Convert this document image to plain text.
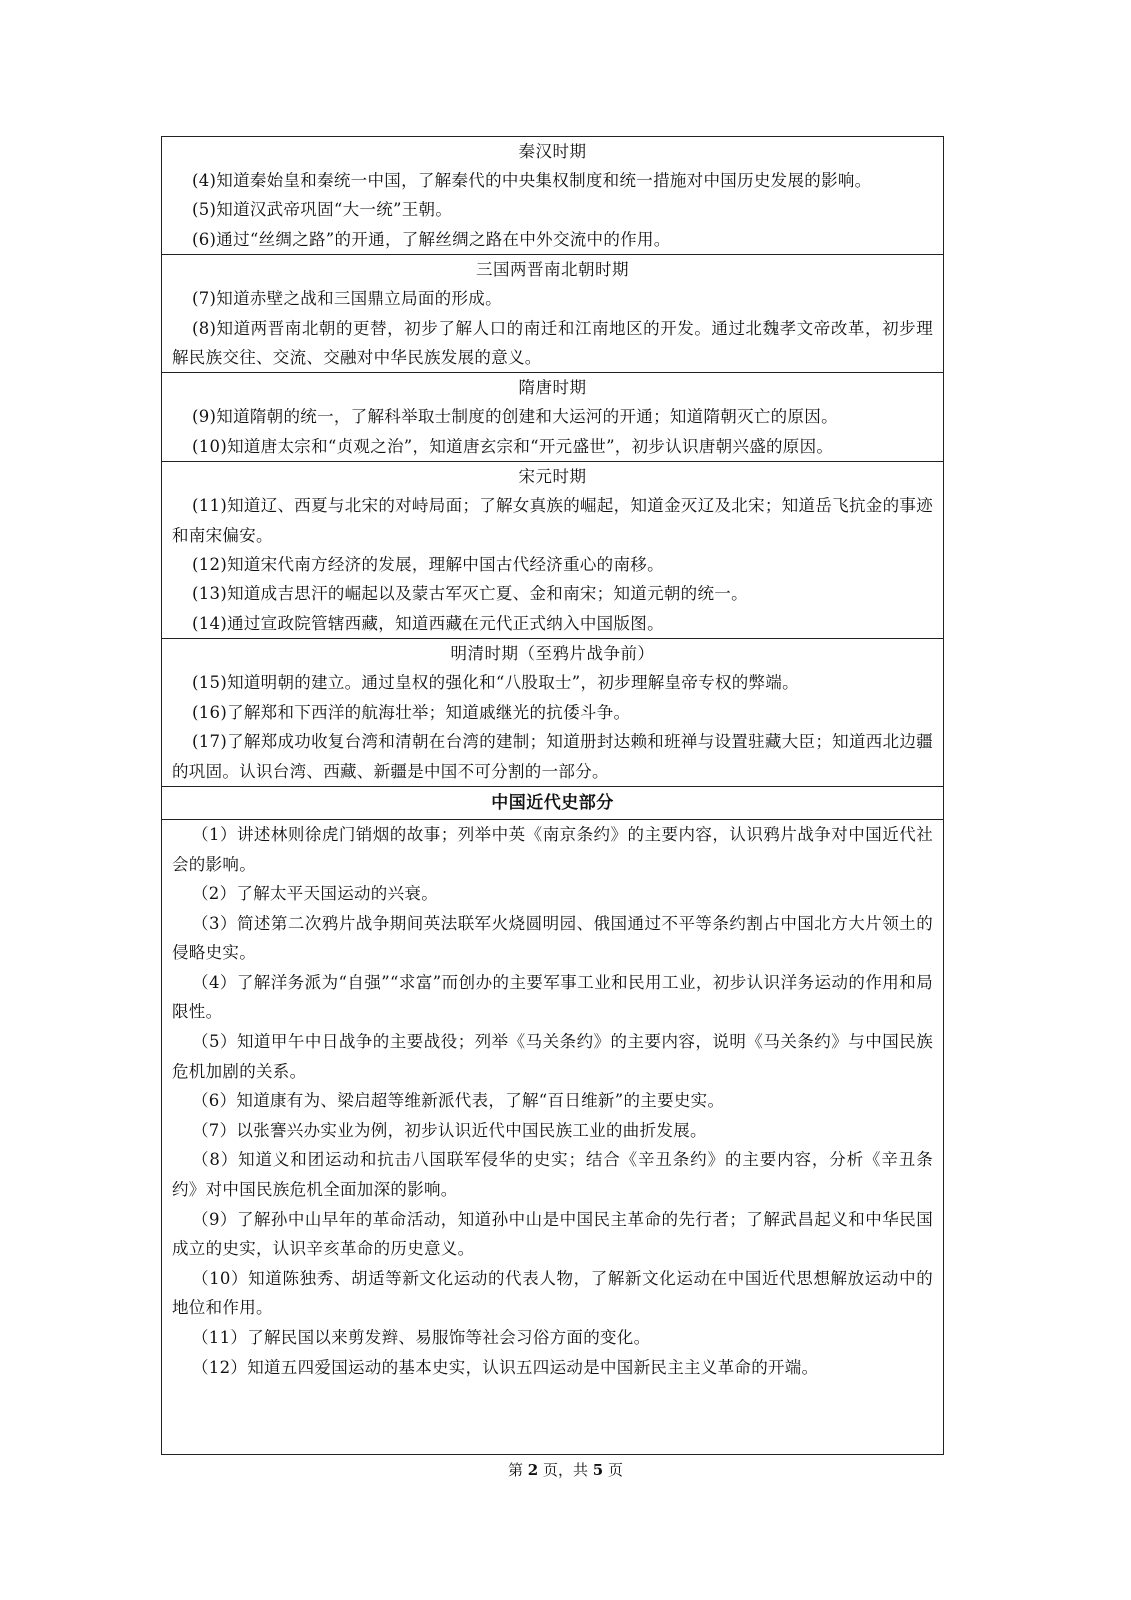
秦汉时期
(4)知道秦始皇和秦统一中国，了解秦代的中央集权制度和统一措施对中国历史发展的影响。
(5)知道汉武帝巩固“大一统”王朝。
(6)通过“丝绸之路”的开通，了解丝绸之路在中外交流中的作用。
三国两晋南北朝时期
(7)知道赤壁之战和三国鼎立局面的形成。
(8)知道两晋南北朝的更替，初步了解人口的南迁和江南地区的开发。通过北魏孝文帝改革，初步理解民族交往、交流、交融对中华民族发展的意义。
隋唐时期
(9)知道隋朝的统一，了解科举取士制度的创建和大运河的开通；知道隋朝灭亡的原因。
(10)知道唐太宗和“贞观之治”，知道唐玄宗和“开元盛世”，初步认识唐朝兴盛的原因。
宋元时期
(11)知道辽、西夏与北宋的对峙局面；了解女真族的崛起，知道金灭辽及北宋；知道岳飞抗金的事迹和南宋偏安。
(12)知道宋代南方经济的发展，理解中国古代经济重心的南移。
(13)知道成吉思汗的崛起以及蒙古军灭亡夏、金和南宋；知道元朝的统一。
(14)通过宣政院管辖西藏，知道西藏在元代正式纳入中国版图。
明清时期（至鸦片战争前）
(15)知道明朝的建立。通过皇权的强化和“八股取士”，初步理解皇帝专权的弊端。
(16)了解郑和下西洋的航海壮举；知道戚继光的抗倭斗争。
(17)了解郑成功收复台湾和清朝在台湾的建制；知道册封达赖和班禅与设置驻藏大臣；知道西北边疆的巩固。认识台湾、西藏、新疆是中国不可分割的一部分。
中国近代史部分
（1）讲述林则徐虎门销烟的故事；列举中英《南京条约》的主要内容，认识鸦片战争对中国近代社会的影响。
（2）了解太平天国运动的兴衰。
（3）简述第二次鸦片战争期间英法联军火烧圆明园、俄国通过不平等条约割占中国北方大片领土的侵略史实。
（4）了解洋务派为“自强”“求富”而创办的主要军事工业和民用工业，初步认识洋务运动的作用和局限性。
（5）知道甲午中日战争的主要战役；列举《马关条约》的主要内容，说明《马关条约》与中国民族危机加剧的关系。
（6）知道康有为、梁启超等维新派代表，了解“百日维新”的主要史实。
（7）以张謇兴办实业为例，初步认识近代中国民族工业的曲折发展。
（8）知道义和团运动和抗击八国联军侵华的史实；结合《辛丑条约》的主要内容，分析《辛丑条约》对中国民族危机全面加深的影响。
（9）了解孙中山早年的革命活动，知道孙中山是中国民主革命的先行者；了解武昌起义和中华民国成立的史实，认识辛亥革命的历史意义。
（10）知道陈独秀、胡适等新文化运动的代表人物，了解新文化运动在中国近代思想解放运动中的地位和作用。
（11）了解民国以来剪发辫、易服饰等社会习俗方面的变化。
（12）知道五四爱国运动的基本史实，认识五四运动是中国新民主主义革命的开端。
第 2 页，共 5 页
